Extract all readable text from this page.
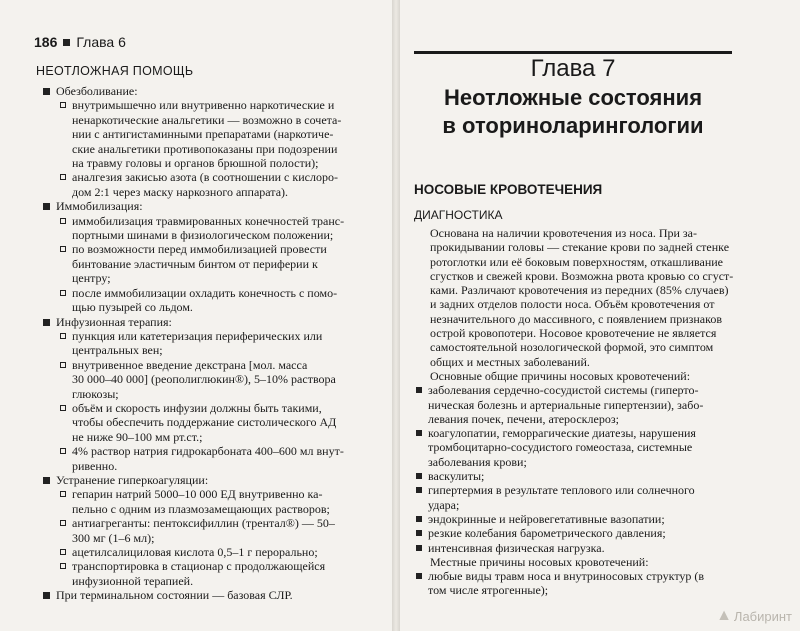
186 Глава 6
НЕОТЛОЖНАЯ ПОМОЩЬ
Обезболивание:
внутримышечно или внутривенно наркотические и
ненаркотические анальгетики — возможно в сочета-
нии с антигистаминными препаратами (наркотиче-
ские анальгетики противопоказаны при подозрении
на травму головы и органов брюшной полости);
аналгезия закисью азота (в соотношении с кислоро-
дом 2:1 через маску наркозного аппарата).
Иммобилизация:
иммобилизация травмированных конечностей транс-
портными шинами в физиологическом положении;
по возможности перед иммобилизацией провести
бинтование эластичным бинтом от периферии к
центру;
после иммобилизации охладить конечность с помо-
щью пузырей со льдом.
Инфузионная терапия:
пункция или катетеризация периферических или
центральных вен;
внутривенное введение декстрана [мол. масса
30 000–40 000] (реополиглюкин®), 5–10% раствора
глюкозы;
объём и скорость инфузии должны быть такими,
чтобы обеспечить поддержание систолического АД
не ниже 90–100 мм рт.ст.;
4% раствор натрия гидрокарбоната 400–600 мл внут-
ривенно.
Устранение гиперкоагуляции:
гепарин натрий 5000–10 000 ЕД внутривенно ка-
пельно с одним из плазмозамещающих растворов;
антиагреганты: пентоксифиллин (трентал®) — 50–
300 мг (1–6 мл);
ацетилсалициловая кислота 0,5–1 г перорально;
транспортировка в стационар с продолжающейся
инфузионной терапией.
При терминальном состоянии — базовая СЛР.
Глава 7
Неотложные состояния
в оториноларингологии
НОСОВЫЕ КРОВОТЕЧЕНИЯ
ДИАГНОСТИКА
Основана на наличии кровотечения из носа. При за-
прокидывании головы — стекание крови по задней стенке
ротоглотки или её боковым поверхностям, откашливание
сгустков и свежей крови. Возможна рвота кровью со сгуст-
ками. Различают кровотечения из передних (85% случаев)
и задних отделов полости носа. Объём кровотечения от
незначительного до массивного, с появлением признаков
острой кровопотери. Носовое кровотечение не является
самостоятельной нозологической формой, это симптом
общих и местных заболеваний.
Основные общие причины носовых кровотечений:
заболевания сердечно-сосудистой системы (гиперто-
ническая болезнь и артериальные гипертензии), забо-
левания почек, печени, атеросклероз;
коагулопатии, геморрагические диатезы, нарушения
тромбоцитарно-сосудистого гомеостаза, системные
заболевания крови;
васкулиты;
гипертермия в результате теплового или солнечного
удара;
эндокринные и нейровегетативные вазопатии;
резкие колебания барометрического давления;
интенсивная физическая нагрузка.
Местные причины носовых кровотечений:
любые виды травм носа и внутриносовых структур (в
том числе ятрогенные);
▲ Лабиринт
